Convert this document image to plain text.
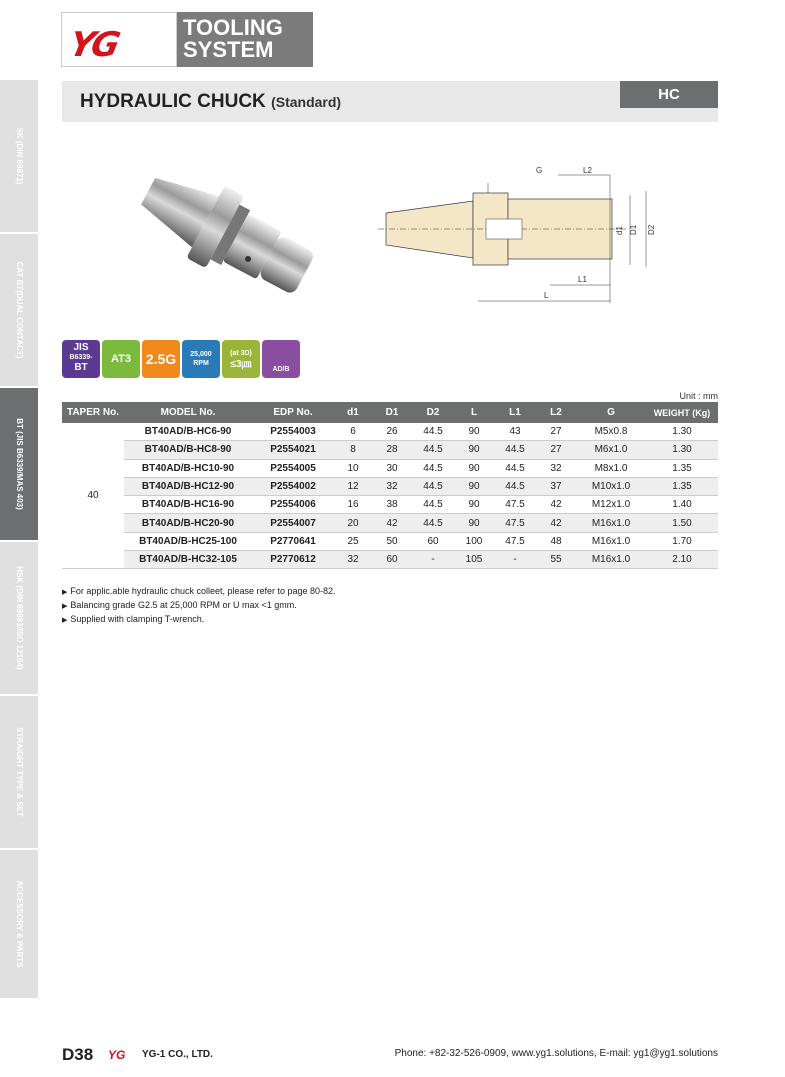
YG	TOOLING
SYSTEM
HYDRAULIC CHUCK (Standard)	HC
SK (DIN 69871)
CAT BT(DUAL CONTACT)
BT (JIS B6339/MAS 403)
HSK (DIN 69893/ISO 12164)
STRAIGHT TYPE & SET
ACCESSORY & PARTS
G	L2
L1
L
d1 D1 D2
JIS
B6339-
BT
AT3	2.5G	25,000
RPM
(at 3D)
≤3㎛	AD/B
Unit : mm
TAPER No.	MODEL No.	EDP No.	d1	D1	D2	L	L1	L2	G	WEIGHT (Kg)
40	BT40AD/B-HC6-90	P2554003	6	26	44.5	90	43	27	M5x0.8	1.30
	BT40AD/B-HC8-90	P2554021	8	28	44.5	90	44.5	27	M6x1.0	1.30
	BT40AD/B-HC10-90	P2554005	10	30	44.5	90	44.5	32	M8x1.0	1.35
	BT40AD/B-HC12-90	P2554002	12	32	44.5	90	44.5	37	M10x1.0	1.35
	BT40AD/B-HC16-90	P2554006	16	38	44.5	90	47.5	42	M12x1.0	1.40
	BT40AD/B-HC20-90	P2554007	20	42	44.5	90	47.5	42	M16x1.0	1.50
	BT40AD/B-HC25-100	P2770641	25	50	60	100	47.5	48	M16x1.0	1.70
	BT40AD/B-HC32-105	P2770612	32	60	-	105	-	55	M16x1.0	2.10
▶ For applic.able hydraulic chuck colleet, please refer to page 80-82.
▶ Balancing grade G2.5 at 25,000 RPM or U max <1 gmm.
▶ Supplied with clamping T-wrench.
D38 YG YG-1 CO., LTD.	Phone: +82-32-526-0909, www.yg1.solutions, E-mail: yg1@yg1.solutions
